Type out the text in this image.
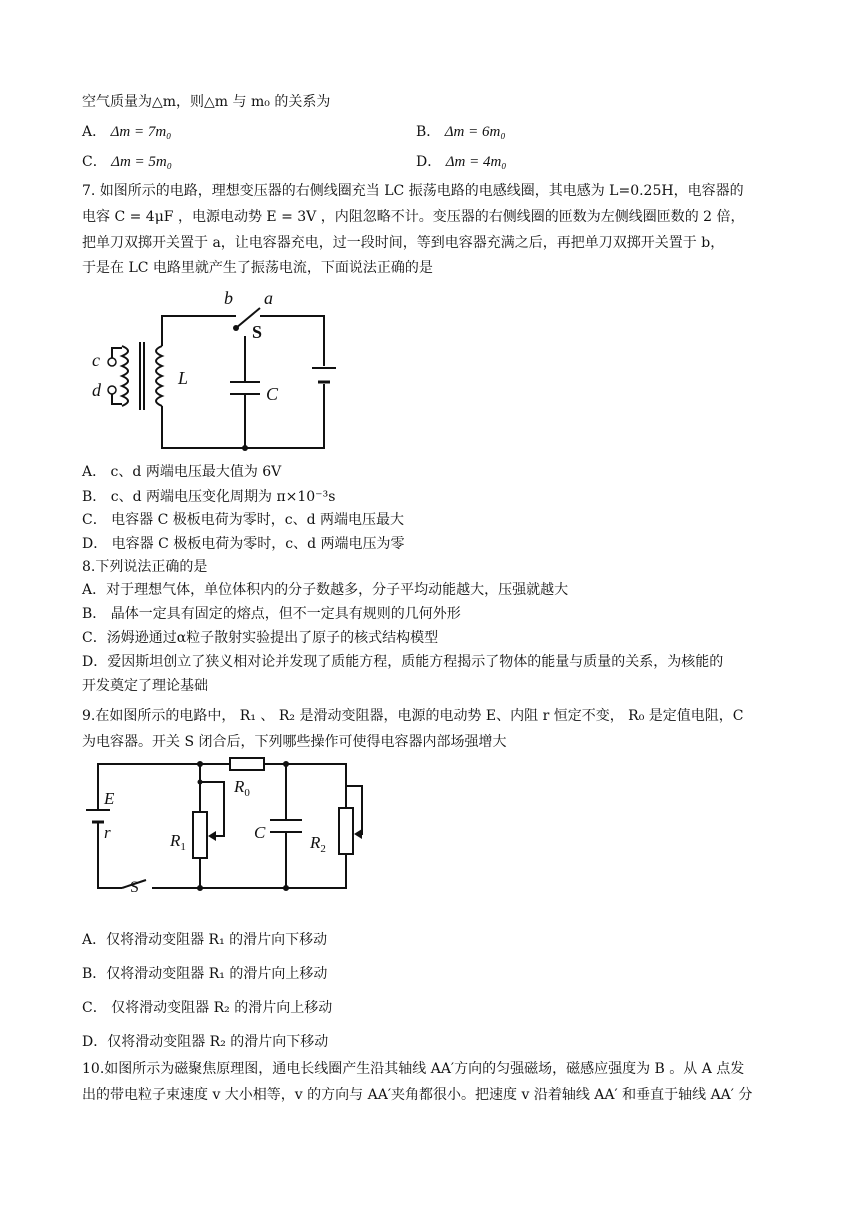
空气质量为△m，则△m 与 m₀ 的关系为
A． Δm = 7m₀	B． Δm = 6m₀
C． Δm = 5m₀	D． Δm = 4m₀
7. 如图所示的电路，理想变压器的右侧线圈充当 LC 振荡电路的电感线圈，其电感为 L=0.25H，电容器的
电容 C = 4μF ，电源电动势 E = 3V ，内阻忽略不计。变压器的右侧线圈的匝数为左侧线圈匝数的 2 倍，
把单刀双掷开关置于 a，让电容器充电，过一段时间，等到电容器充满之后，再把单刀双掷开关置于 b，
于是在 LC 电路里就产生了振荡电流，下面说法正确的是
b a
c
d
L
C
S
A． c、d 两端电压最大值为 6V
B． c、d 两端电压变化周期为 π×10⁻³s
C． 电容器 C 极板电荷为零时，c、d 两端电压最大
D． 电容器 C 极板电荷为零时，c、d 两端电压为零
8.下列说法正确的是
A．对于理想气体，单位体积内的分子数越多，分子平均动能越大，压强就越大
B． 晶体一定具有固定的熔点，但不一定具有规则的几何外形
C．汤姆逊通过α粒子散射实验提出了原子的核式结构模型
D．爱因斯坦创立了狭义相对论并发现了质能方程，质能方程揭示了物体的能量与质量的关系，为核能的
开发奠定了理论基础
9.在如图所示的电路中， R₁ 、 R₂ 是滑动变阻器，电源的电动势 E、内阻 r 恒定不变， R₀ 是定值电阻，C
为电容器。开关 S 闭合后，下列哪些操作可使得电容器内部场强增大
E
r
$R_0$
C
$R_1$	$R_2$
S
A．仅将滑动变阻器 R₁ 的滑片向下移动
B．仅将滑动变阻器 R₁ 的滑片向上移动
C． 仅将滑动变阻器 R₂ 的滑片向上移动
D．仅将滑动变阻器 R₂ 的滑片向下移动
10.如图所示为磁聚焦原理图，通电长线圈产生沿其轴线 AA′方向的匀强磁场，磁感应强度为 B 。从 A 点发
出的带电粒子束速度 v 大小相等，v 的方向与 AA′夹角都很小。把速度 v 沿着轴线 AA′ 和垂直于轴线 AA′ 分
